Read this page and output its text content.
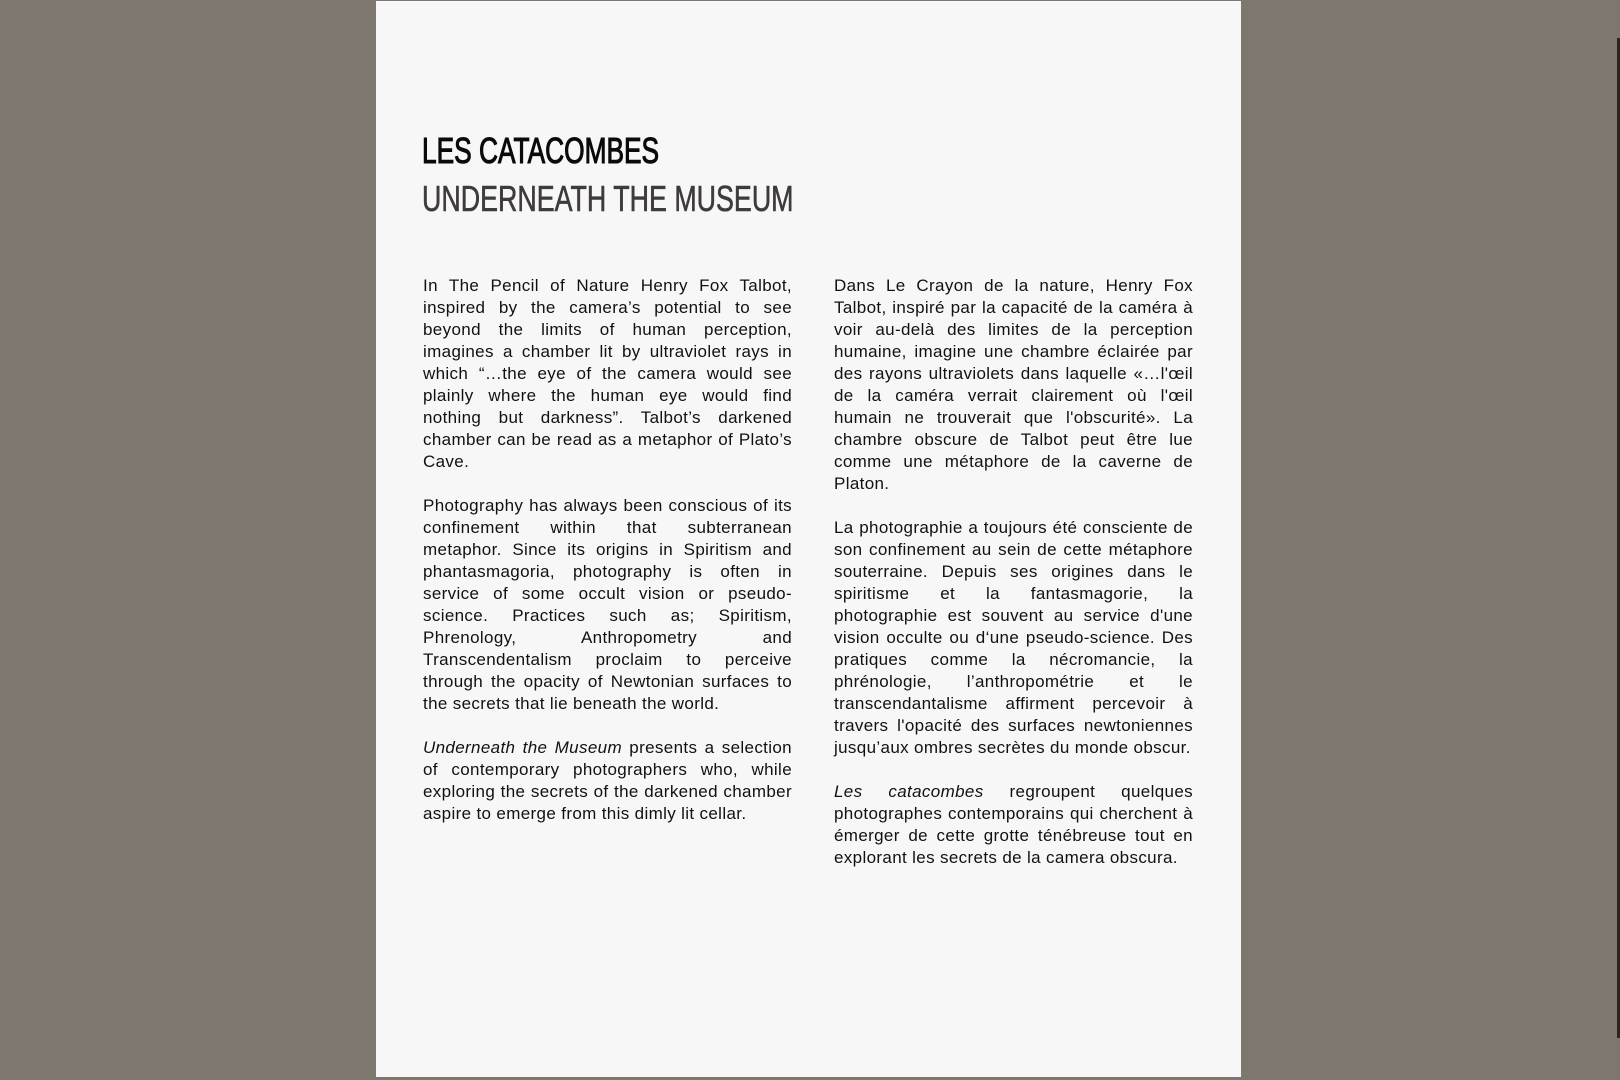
LES CATACOMBES
UNDERNEATH THE MUSEUM

In The Pencil of Nature Henry Fox Talbot, inspired by the camera’s potential to see beyond the limits of human perception, imagines a chamber lit by ultraviolet rays in which “…the eye of the camera would see plainly where the human eye would find nothing but darkness”. Talbot’s darkened chamber can be read as a metaphor of Plato’s Cave.

Photography has always been conscious of its confinement within that subterranean metaphor. Since its origins in Spiritism and phantasmagoria, photography is often in service of some occult vision or pseudo-science. Practices such as; Spiritism, Phrenology, Anthropometry and Transcendentalism proclaim to perceive through the opacity of Newtonian surfaces to the secrets that lie beneath the world.

Underneath the Museum presents a selection of contemporary photographers who, while exploring the secrets of the darkened chamber aspire to emerge from this dimly lit cellar.

Dans Le Crayon de la nature, Henry Fox Talbot, inspiré par la capacité de la caméra à voir au-delà des limites de la perception humaine, imagine une chambre éclairée par des rayons ultraviolets dans laquelle «…l'œil de la caméra verrait clairement où l'œil humain ne trouverait que l'obscurité». La chambre obscure de Talbot peut être lue comme une métaphore de la caverne de Platon.

La photographie a toujours été consciente de son confinement au sein de cette métaphore souterraine. Depuis ses origines dans le spiritisme et la fantasmagorie, la photographie est souvent au service d'une vision occulte ou d‘une pseudo-science. Des pratiques comme la nécromancie, la phrénologie, l’anthropométrie et le transcendantalisme affirment percevoir à travers l'opacité des surfaces newtoniennes jusqu’aux ombres secrètes du monde obscur.

Les catacombes regroupent quelques photographes contemporains qui cherchent à émerger de cette grotte ténébreuse tout en explorant les secrets de la camera obscura.
